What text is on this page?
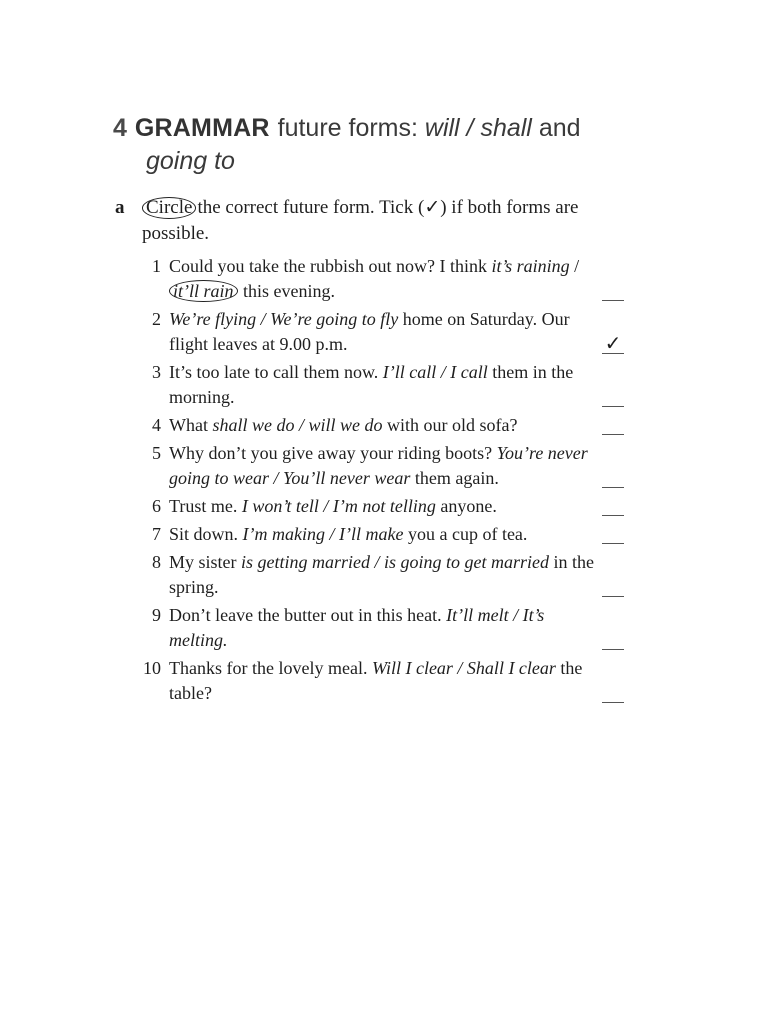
4 GRAMMAR future forms: will / shall and
going to
a Circle the correct future form. Tick (✓) if both forms are possible.
1 Could you take the rubbish out now? I think it’s raining / it’ll rain this evening.
2 We’re flying / We’re going to fly home on Saturday. Our flight leaves at 9.00 p.m.	✓
3 It’s too late to call them now. I’ll call / I call them in the morning.
4 What shall we do / will we do with our old sofa?
5 Why don’t you give away your riding boots? You’re never going to wear / You’ll never wear them again.
6 Trust me. I won’t tell / I’m not telling anyone.
7 Sit down. I’m making / I’ll make you a cup of tea.
8 My sister is getting married / is going to get married in the spring.
9 Don’t leave the butter out in this heat. It’ll melt / It’s melting.
10 Thanks for the lovely meal. Will I clear / Shall I clear the table?
